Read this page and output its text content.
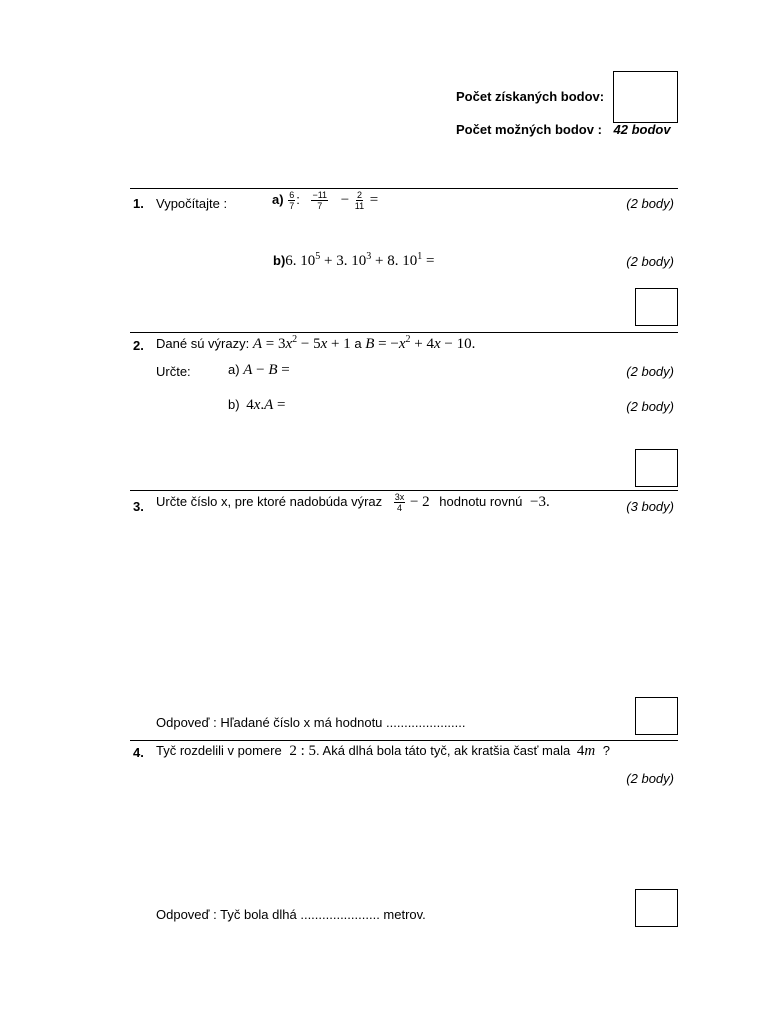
Počet získaných bodov:
Počet možných bodov : 42 bodov
1. Vypočítajte :	$a) \frac{6}{7}$ : $\frac{-11}{7} - \frac{2}{11}$ =	(2 body)
b)6. $10^5 + 3$. $10^3 + 8$. $10^1$ =	(2 body)
2. Dané sú výrazy: $A = 3x^2 - 5x + 1$ a $B = -x^2 + 4x - 10$.
Určte:	a) A − B =	(2 body)
b) 4x.A =	(2 body)
3. Určte číslo x, pre ktoré nadobúda výraz $\frac{3x}{4} - 2$ hodnotu rovnú −3.	(3 body)
Odpoveď : Hľadané číslo x má hodnotu ......................
4. Tyč rozdelili v pomere 2 : 5. Aká dlhá bola táto tyč, ak kratšia časť mala 4m ?
(2 body)
Odpoveď : Tyč bola dlhá ...................... metrov.
